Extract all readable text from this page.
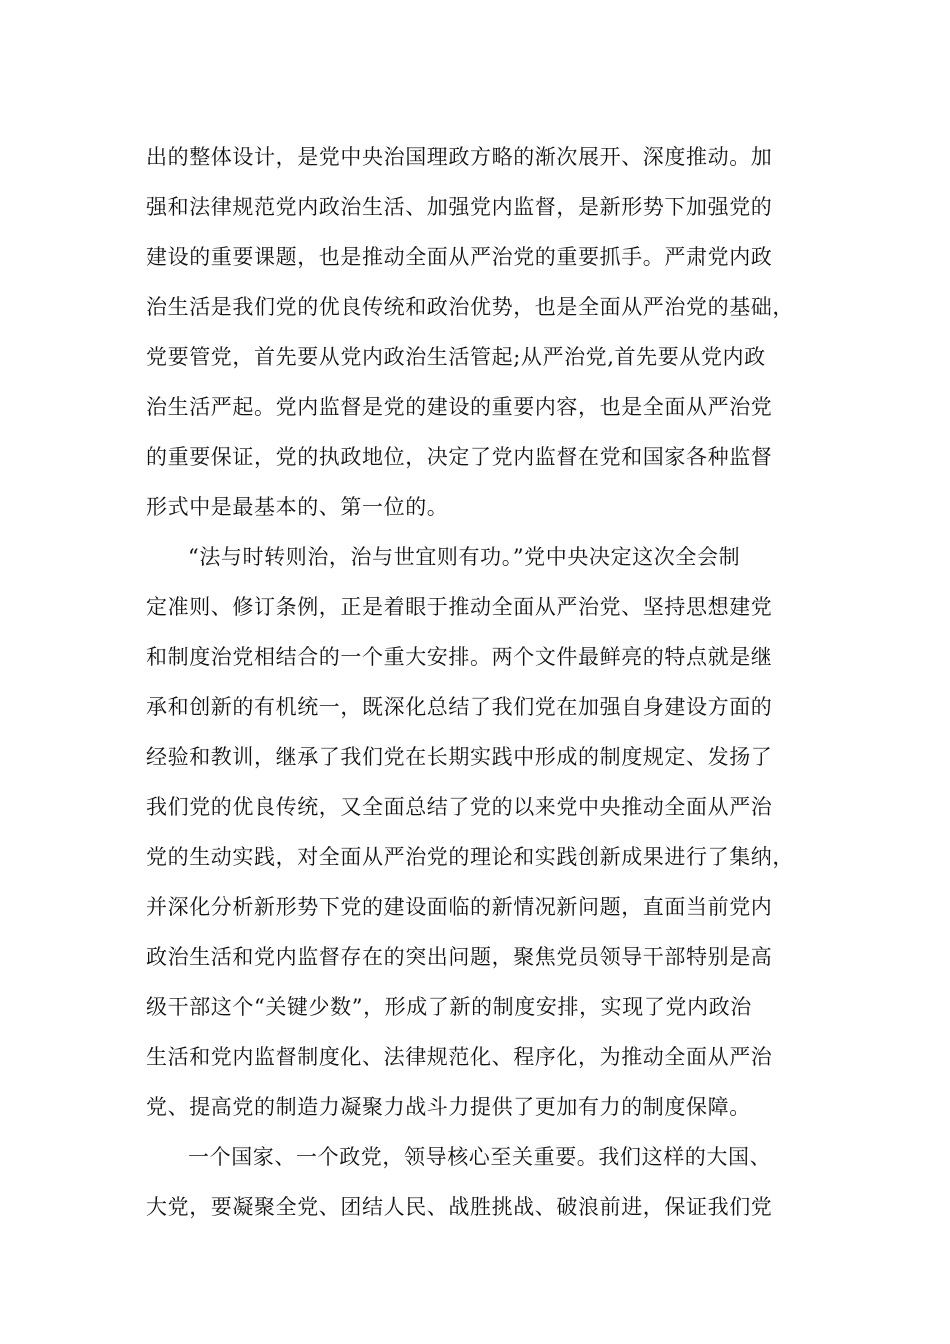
出的整体设计，是党中央治国理政方略的渐次展开、深度推动。加
强和法律规范党内政治生活、加强党内监督，是新形势下加强党的
建设的重要课题，也是推动全面从严治党的重要抓手。严肃党内政
治生活是我们党的优良传统和政治优势，也是全面从严治党的基础，
党要管党，首先要从党内政治生活管起;从严治党,首先要从党内政
治生活严起。党内监督是党的建设的重要内容，也是全面从严治党
的重要保证，党的执政地位，决定了党内监督在党和国家各种监督
形式中是最基本的、第一位的。
“法与时转则治，治与世宜则有功。”党中央决定这次全会制
定准则、修订条例，正是着眼于推动全面从严治党、坚持思想建党
和制度治党相结合的一个重大安排。两个文件最鲜亮的特点就是继
承和创新的有机统一，既深化总结了我们党在加强自身建设方面的
经验和教训，继承了我们党在长期实践中形成的制度规定、发扬了
我们党的优良传统，又全面总结了党的以来党中央推动全面从严治
党的生动实践，对全面从严治党的理论和实践创新成果进行了集纳，
并深化分析新形势下党的建设面临的新情况新问题，直面当前党内
政治生活和党内监督存在的突出问题，聚焦党员领导干部特别是高
级干部这个“关键少数”，形成了新的制度安排，实现了党内政治
生活和党内监督制度化、法律规范化、程序化，为推动全面从严治
党、提高党的制造力凝聚力战斗力提供了更加有力的制度保障。
一个国家、一个政党，领导核心至关重要。我们这样的大国、
大党，要凝聚全党、团结人民、战胜挑战、破浪前进，保证我们党
